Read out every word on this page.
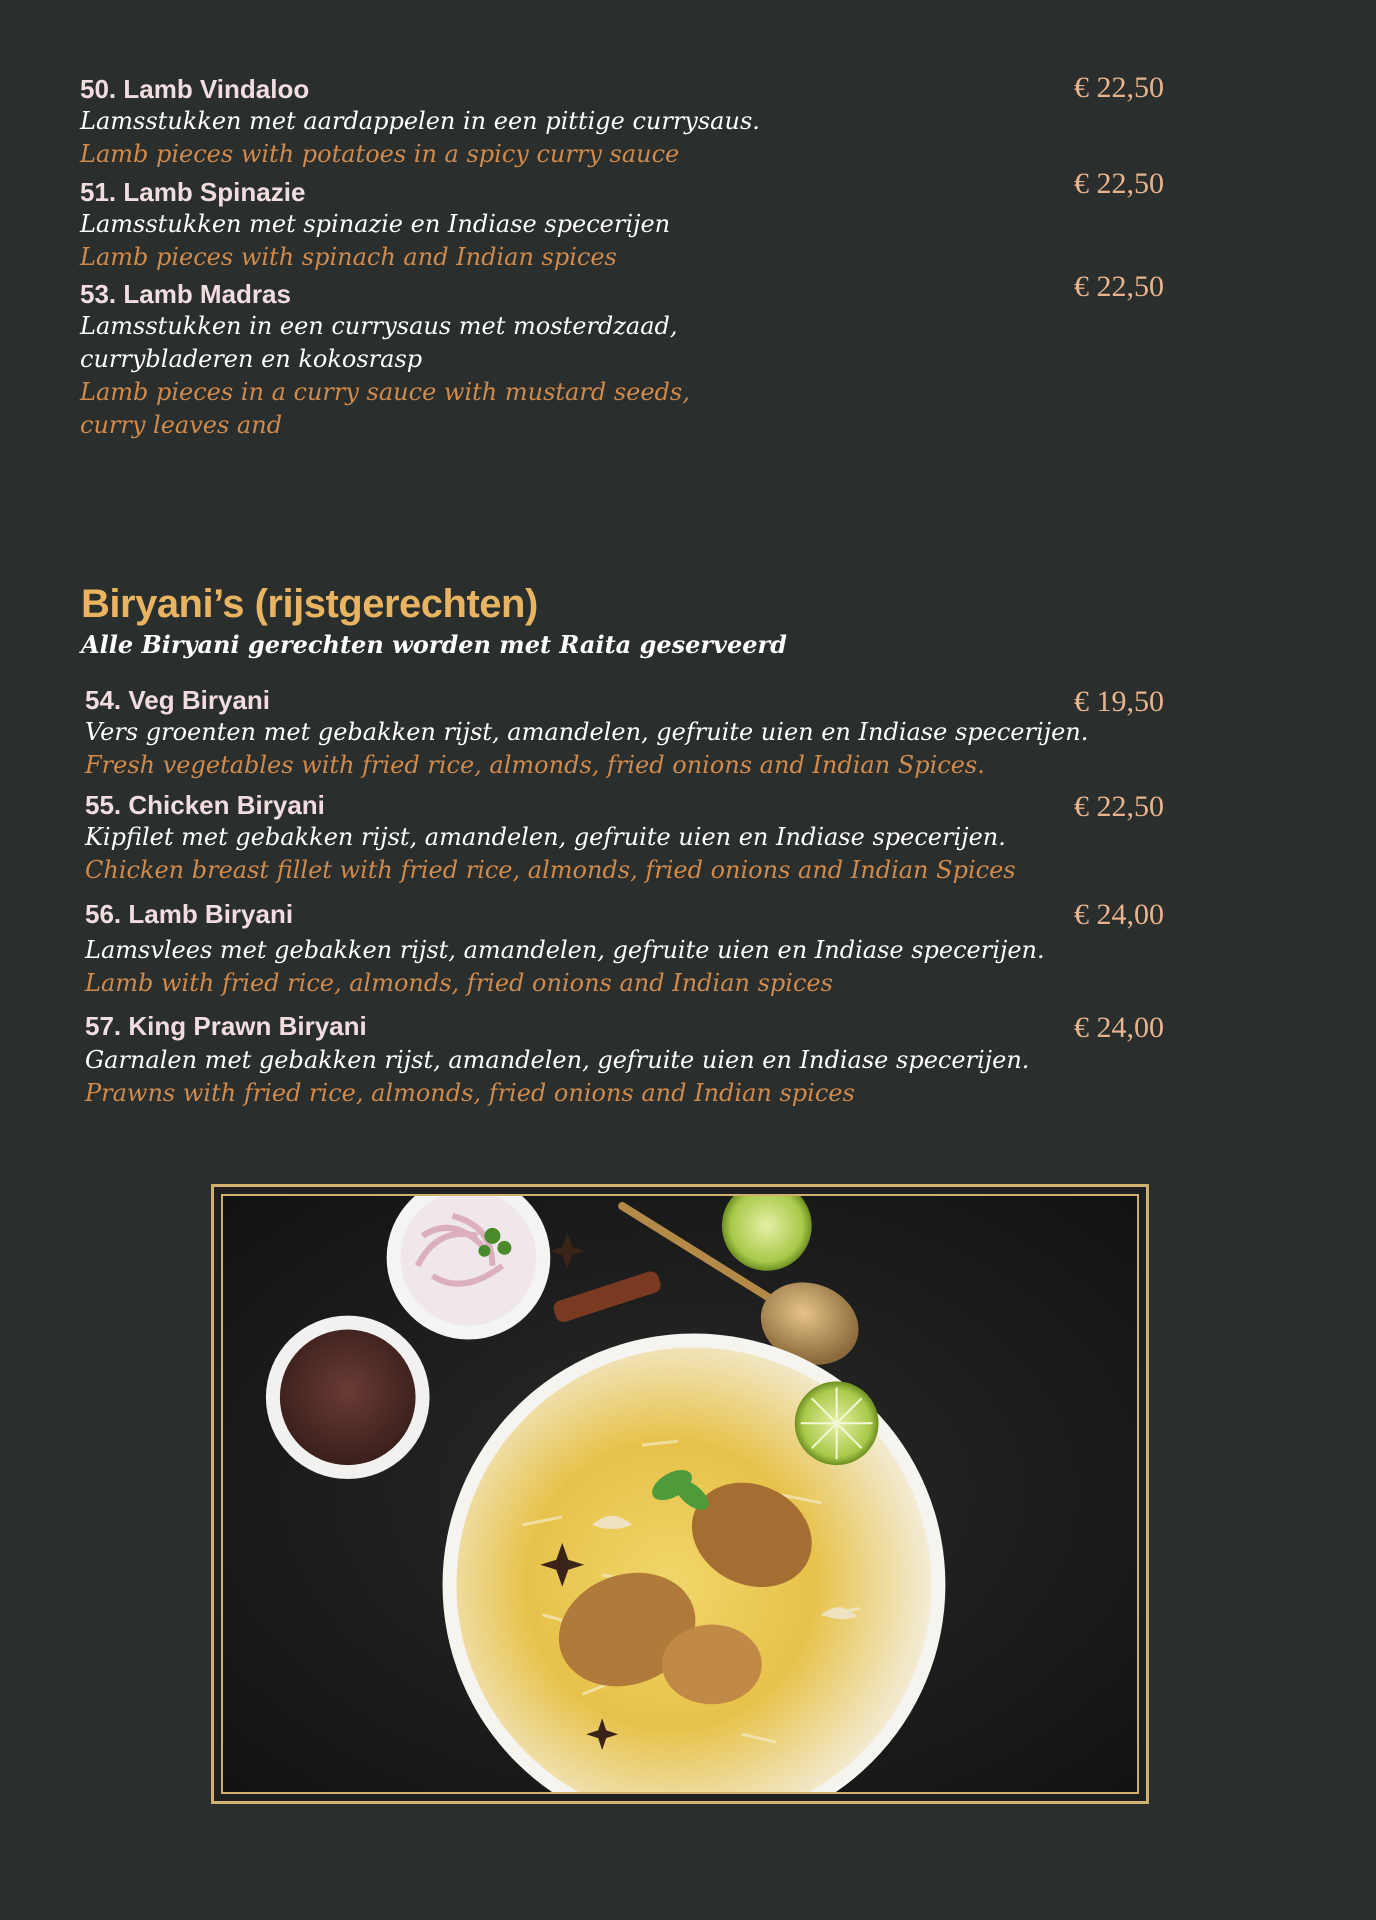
50. Lamb Vindaloo
Lamsstukken met aardappelen in een pittige currysaus.
Lamb pieces with potatoes in a spicy curry sauce
€ 22,50
51. Lamb Spinazie
Lamsstukken met spinazie en Indiase specerijen
Lamb pieces with spinach and Indian spices
€ 22,50
53. Lamb Madras
Lamsstukken in een currysaus met mosterdzaad,
currybladeren en kokosrasp
Lamb pieces in a curry sauce with mustard seeds,
curry leaves and
€ 22,50
Biryani’s (rijstgerechten)
Alle Biryani gerechten worden met Raita geserveerd
54. Veg Biryani
Vers groenten met gebakken rijst, amandelen, gefruite uien en Indiase specerijen.
Fresh vegetables with fried rice, almonds, fried onions and Indian Spices.
€ 19,50
55. Chicken Biryani
Kipfilet met gebakken rijst, amandelen, gefruite uien en Indiase specerijen.
Chicken breast fillet with fried rice, almonds, fried onions and Indian Spices
€ 22,50
56. Lamb Biryani
Lamsvlees met gebakken rijst, amandelen, gefruite uien en Indiase specerijen.
Lamb with fried rice, almonds, fried onions and Indian spices
€ 24,00
57. King Prawn Biryani
Garnalen met gebakken rijst, amandelen, gefruite uien en Indiase specerijen.
Prawns with fried rice, almonds, fried onions and Indian spices
€ 24,00
